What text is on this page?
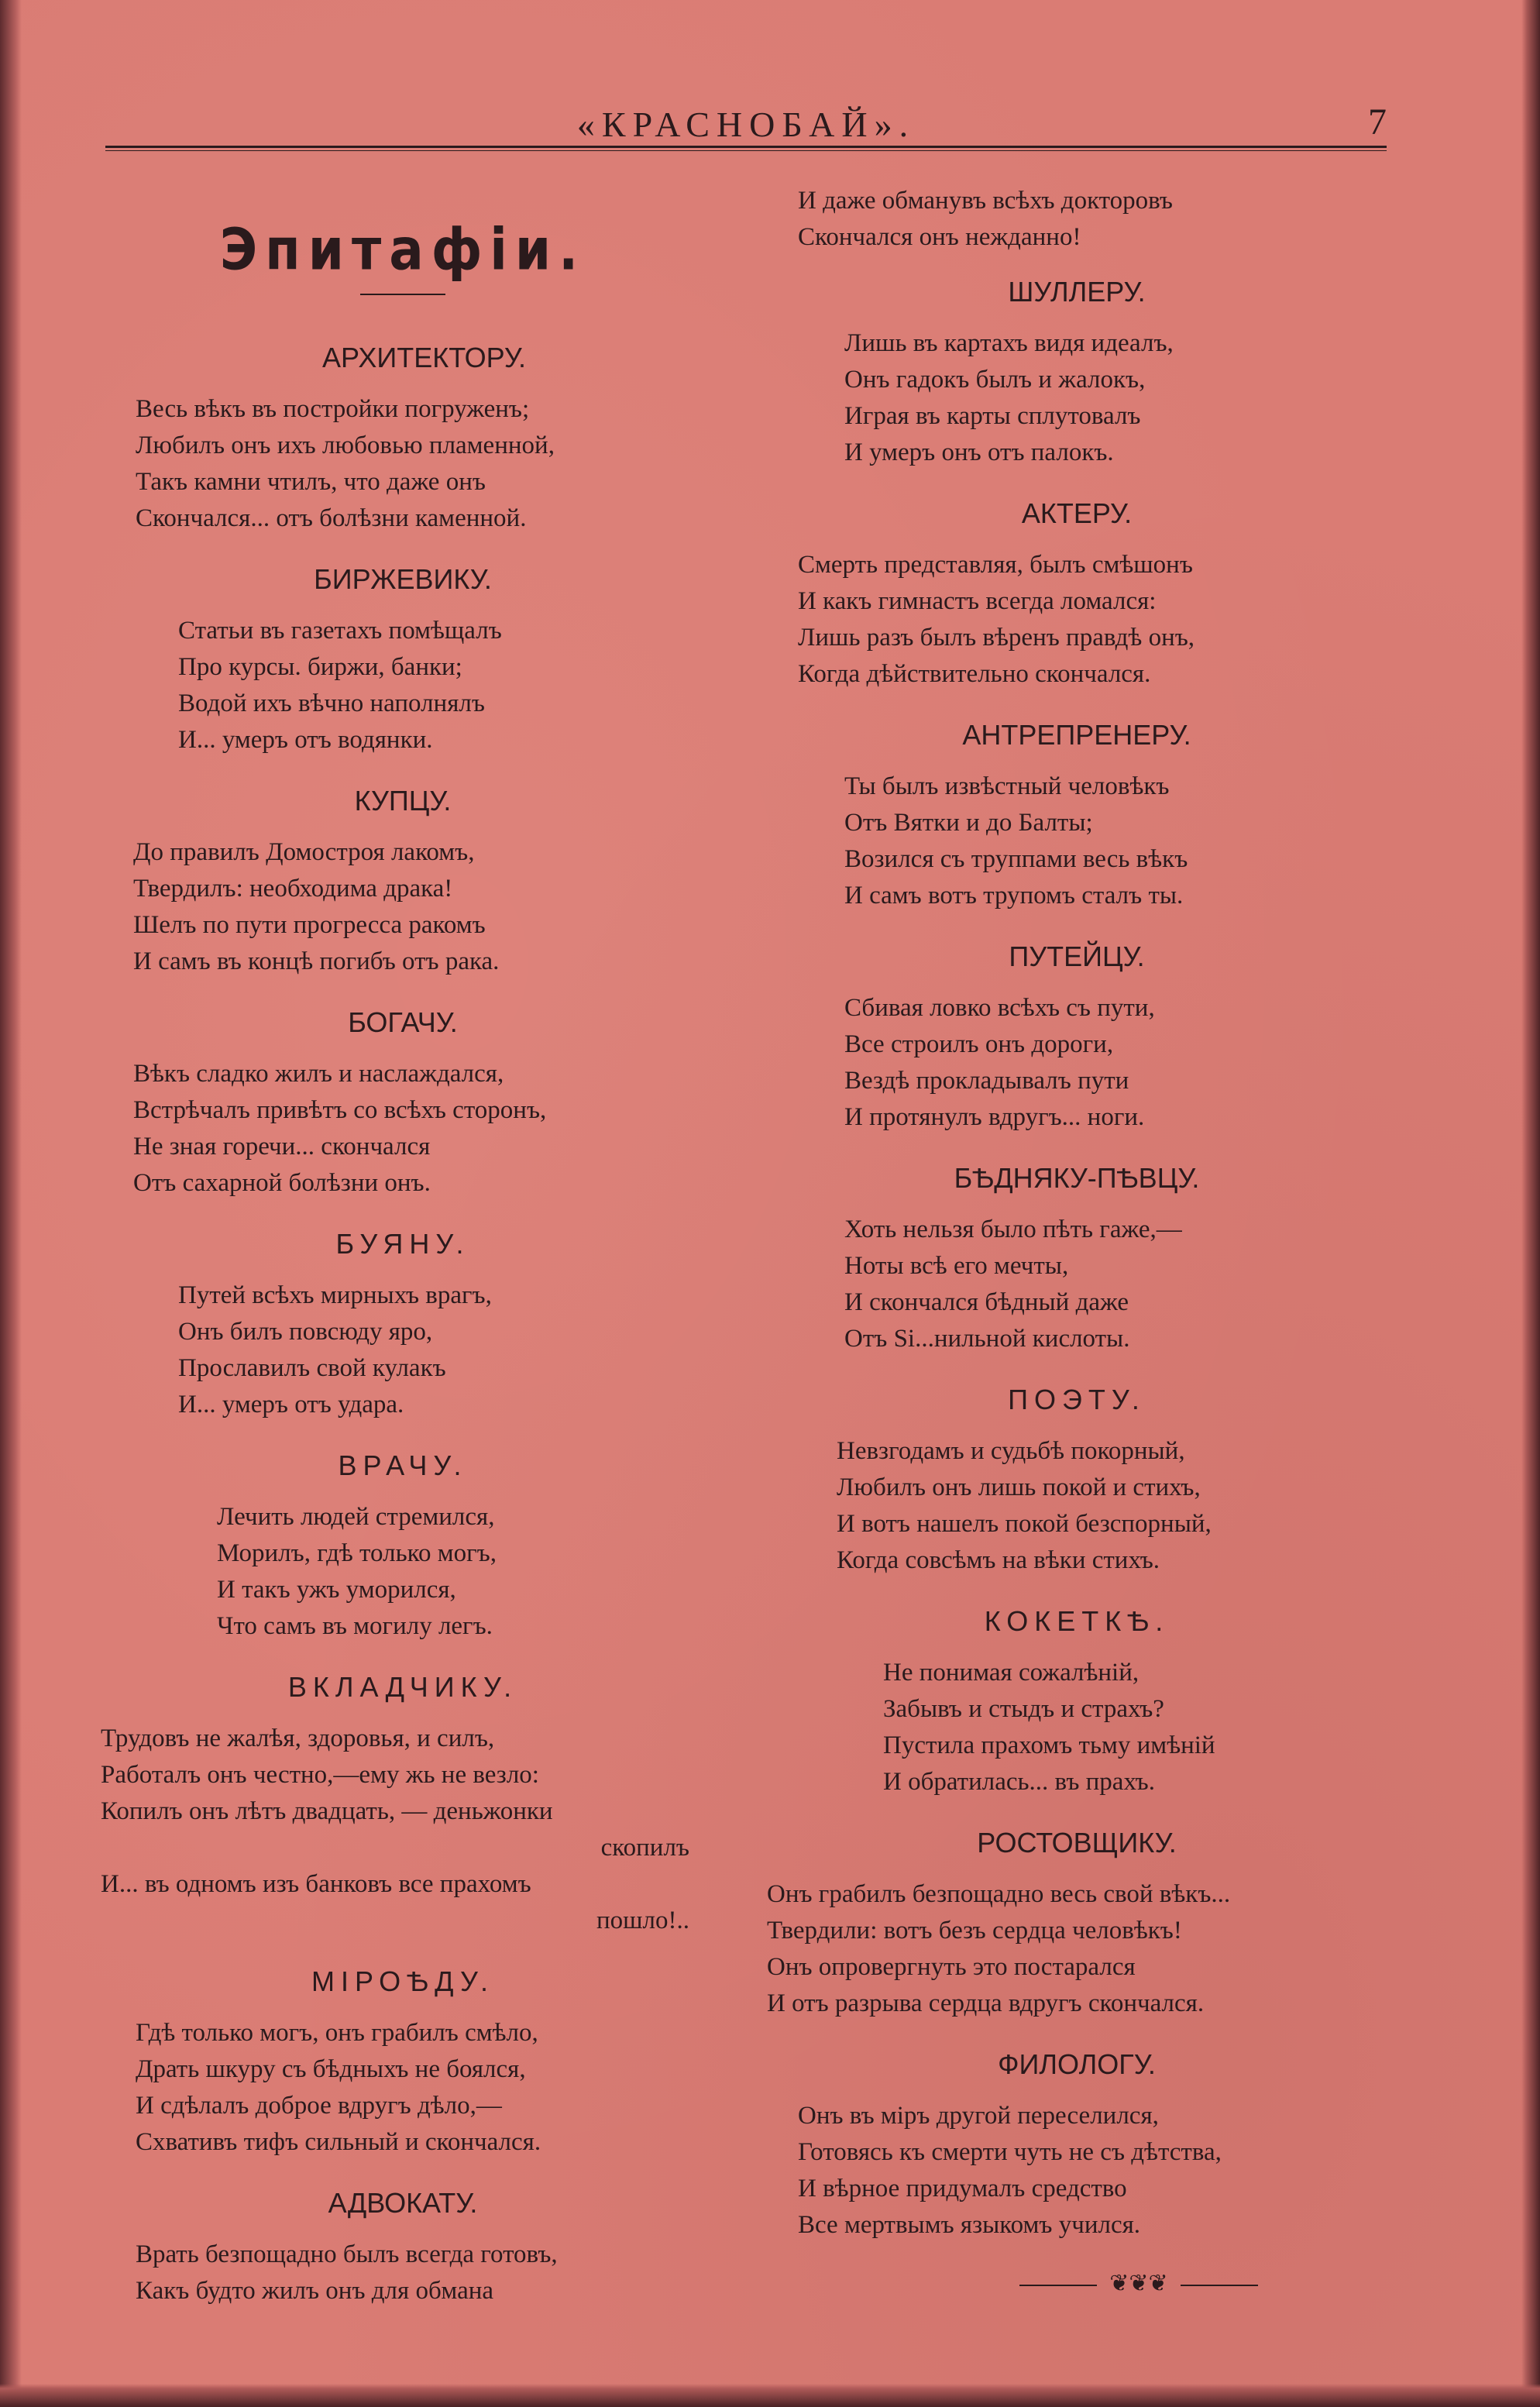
«КРАСНОБАЙ».	7
Эпитафіи.
АРХИТЕКТОРУ.
Весь вѣкъ въ постройки погруженъ;
Любилъ онъ ихъ любовью пламенной,
Такъ камни чтилъ, что даже онъ
Скончался... отъ болѣзни каменной.
БИРЖЕВИКУ.
Статьи въ газетахъ помѣщалъ
Про курсы. биржи, банки;
Водой ихъ вѣчно наполнялъ
И... умеръ отъ водянки.
КУПЦУ.
До правилъ Домостроя лакомъ,
Твердилъ: необходима драка!
Шелъ по пути прогресса ракомъ
И самъ въ концѣ погибъ отъ рака.
БОГАЧУ.
Вѣкъ сладко жилъ и наслаждался,
Встрѣчалъ привѣтъ со всѣхъ сторонъ,
Не зная горечи... скончался
Отъ сахарной болѣзни онъ.
БУЯНУ.
Путей всѣхъ мирныхъ врагъ,
Онъ билъ повсюду яро,
Прославилъ свой кулакъ
И... умеръ отъ удара.
ВРАЧУ.
Лечить людей стремился,
Морилъ, гдѣ только могъ,
И такъ ужъ уморился,
Что самъ въ могилу легъ.
ВКЛАДЧИКУ.
Трудовъ не жалѣя, здоровья, и силъ,
Работалъ онъ честно,—ему жь не везло:
Копилъ онъ лѣтъ двадцать, — деньжонки
скопилъ
И... въ одномъ изъ банковъ все прахомъ
пошло!..
МІРОѢДУ.
Гдѣ только могъ, онъ грабилъ смѣло,
Драть шкуру съ бѣдныхъ не боялся,
И сдѣлалъ доброе вдругъ дѣло,—
Схвативъ тифъ сильный и скончался.
АДВОКАТУ.
Врать безпощадно былъ всегда готовъ,
Какъ будто жилъ онъ для обмана
И даже обманувъ всѣхъ докторовъ
Скончался онъ нежданно!
ШУЛЛЕРУ.
Лишь въ картахъ видя идеалъ,
Онъ гадокъ былъ и жалокъ,
Играя въ карты сплутовалъ
И умеръ онъ отъ палокъ.
АКТЕРУ.
Смерть представляя, былъ смѣшонъ
И какъ гимнастъ всегда ломался:
Лишь разъ былъ вѣренъ правдѣ онъ,
Когда дѣйствительно скончался.
АНТРЕПРЕНЕРУ.
Ты былъ извѣстный человѣкъ
Отъ Вятки и до Балты;
Возился съ труппами весь вѣкъ
И самъ вотъ трупомъ сталъ ты.
ПУТЕЙЦУ.
Сбивая ловко всѣхъ съ пути,
Все строилъ онъ дороги,
Вездѣ прокладывалъ пути
И протянулъ вдругъ... ноги.
БѢДНЯКУ-ПѢВЦУ.
Хоть нельзя было пѣть гаже,—
Ноты всѣ его мечты,
И скончался бѣдный даже
Отъ Si...нильной кислоты.
ПОЭТУ.
Невзгодамъ и судьбѣ покорный,
Любилъ онъ лишь покой и стихъ,
И вотъ нашелъ покой безспорный,
Когда совсѣмъ на вѣки стихъ.
КОКЕТКѢ.
Не понимая сожалѣній,
Забывъ и стыдъ и страхъ?
Пустила прахомъ тьму имѣній
И обратилась... въ прахъ.
РОСТОВЩИКУ.
Онъ грабилъ безпощадно весь свой вѣкъ...
Твердили: вотъ безъ сердца человѣкъ!
Онъ опровергнуть это постарался
И отъ разрыва сердца вдругъ скончался.
ФИЛОЛОГУ.
Онъ въ міръ другой переселился,
Готовясь къ смерти чуть не съ дѣтства,
И вѣрное придумалъ средство
Все мертвымъ языкомъ учился.
❦❦❦
